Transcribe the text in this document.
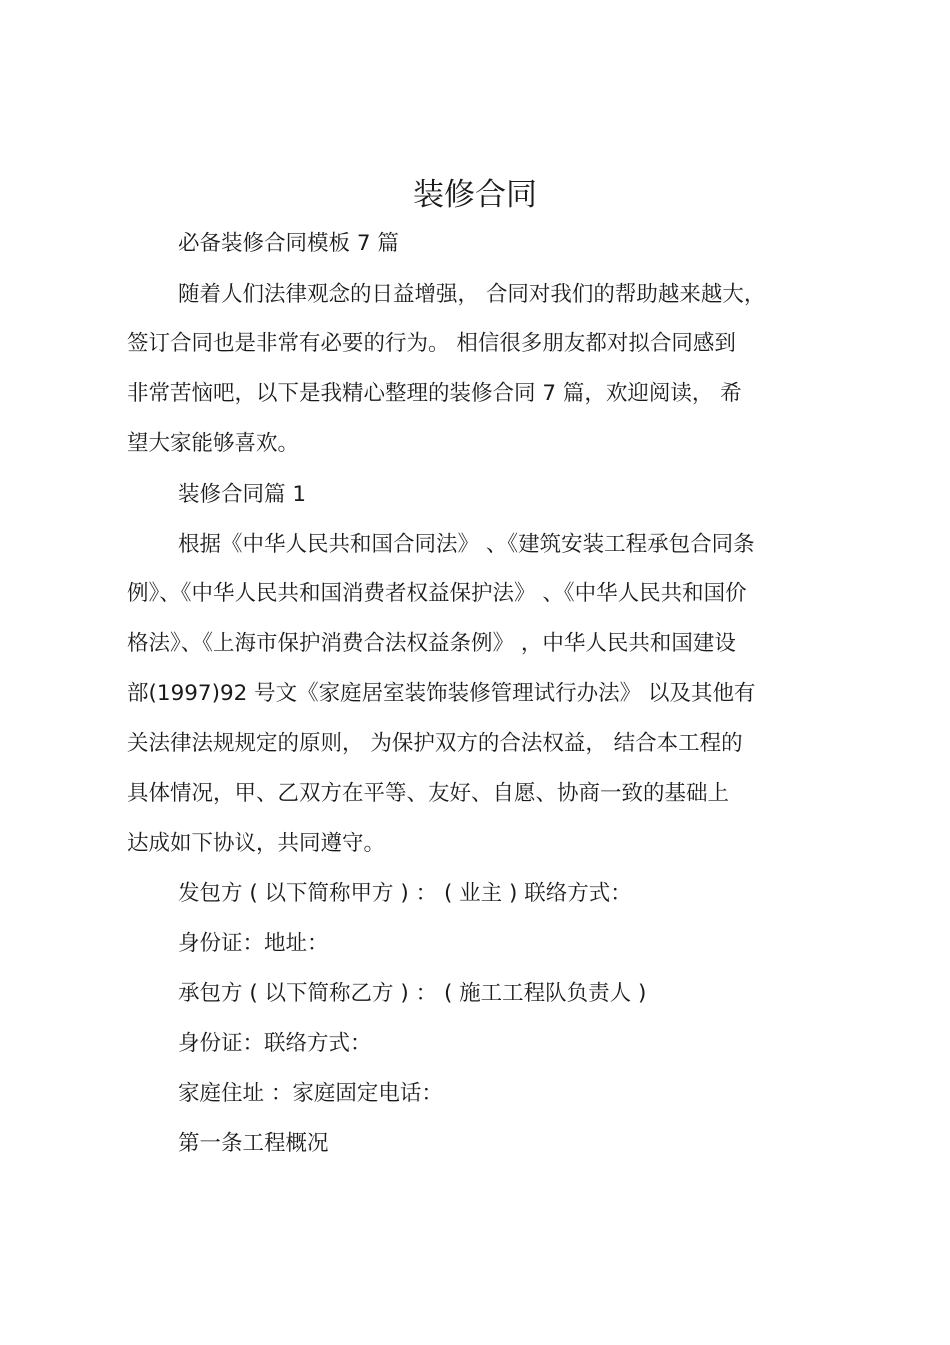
装修合同
必备装修合同模板 7 篇
随着人们法律观念的日益增强， 合同对我们的帮助越来越大，
签订合同也是非常有必要的行为。 相信很多朋友都对拟合同感到
非常苦恼吧，以下是我精心整理的装修合同 7 篇，欢迎阅读， 希
望大家能够喜欢。
装修合同篇 1
根据《中华人民共和国合同法》 、《建筑安装工程承包合同条
例》、《中华人民共和国消费者权益保护法》 、《中华人民共和国价
格法》、《上海市保护消费合法权益条例》 ，中华人民共和国建设
部(1997)92 号文《家庭居室装饰装修管理试行办法》 以及其他有
关法律法规规定的原则， 为保护双方的合法权益， 结合本工程的
具体情况，甲、乙双方在平等、友好、自愿、协商一致的基础上
达成如下协议，共同遵守。
发包方 ( 以下简称甲方 ) ： ( 业主 ) 联络方式：
身份证：地址：
承包方 ( 以下简称乙方 ) ： ( 施工工程队负责人 )
身份证：联络方式：
家庭住址 ：家庭固定电话：
第一条工程概况
